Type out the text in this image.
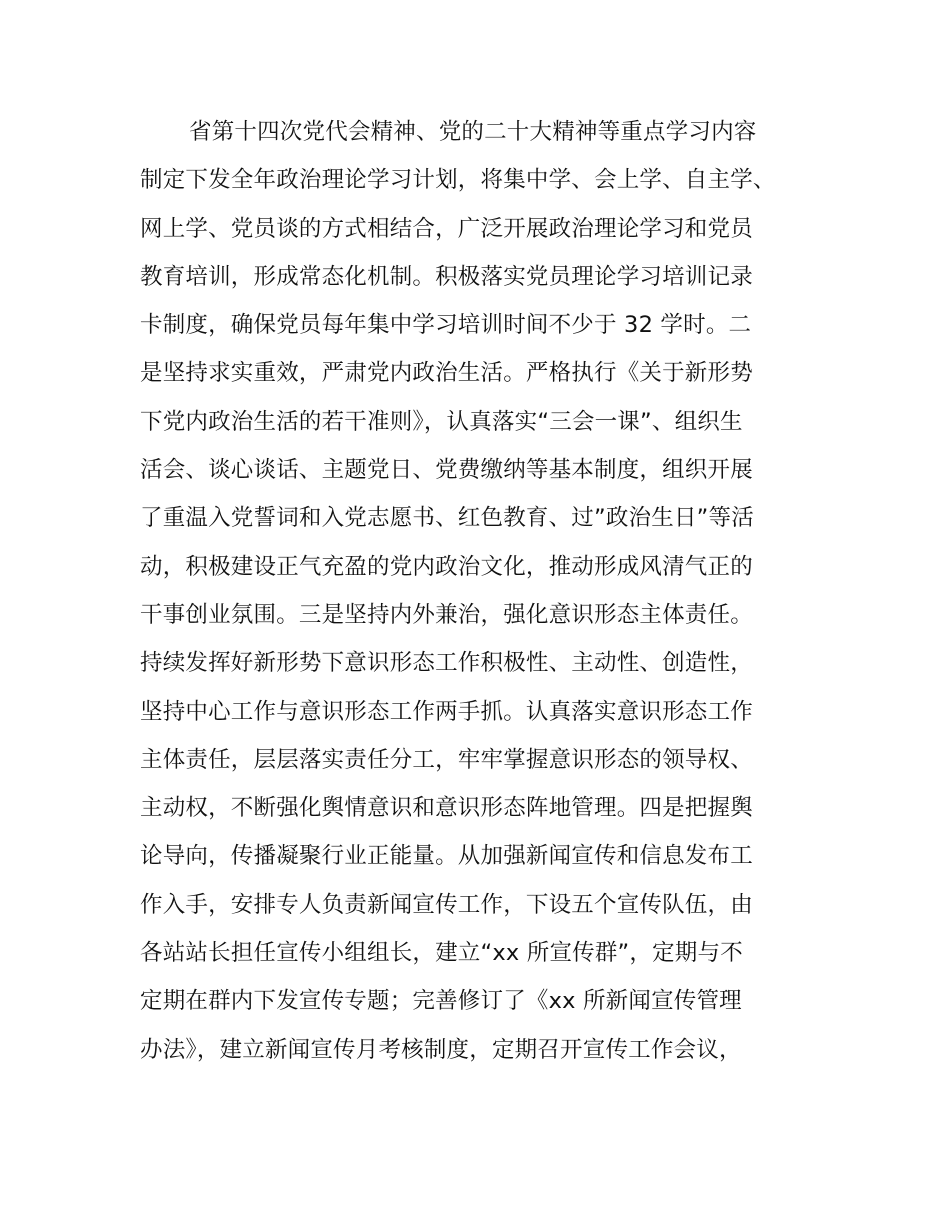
省第十四次党代会精神、党的二十大精神等重点学习内容
制定下发全年政治理论学习计划，将集中学、会上学、自主学、
网上学、党员谈的方式相结合，广泛开展政治理论学习和党员
教育培训，形成常态化机制。积极落实党员理论学习培训记录
卡制度，确保党员每年集中学习培训时间不少于 32 学时。二
是坚持求实重效，严肃党内政治生活。严格执行《关于新形势
下党内政治生活的若干准则》，认真落实“三会一课”、组织生
活会、谈心谈话、主题党日、党费缴纳等基本制度，组织开展
了重温入党誓词和入党志愿书、红色教育、过”政治生日”等活
动，积极建设正气充盈的党内政治文化，推动形成风清气正的
干事创业氛围。三是坚持内外兼治，强化意识形态主体责任。
持续发挥好新形势下意识形态工作积极性、主动性、创造性，
坚持中心工作与意识形态工作两手抓。认真落实意识形态工作
主体责任，层层落实责任分工，牢牢掌握意识形态的领导权、
主动权，不断强化舆情意识和意识形态阵地管理。四是把握舆
论导向，传播凝聚行业正能量。从加强新闻宣传和信息发布工
作入手，安排专人负责新闻宣传工作，下设五个宣传队伍，由
各站站长担任宣传小组组长，建立“xx 所宣传群”，定期与不
定期在群内下发宣传专题；完善修订了《xx 所新闻宣传管理
办法》，建立新闻宣传月考核制度，定期召开宣传工作会议，
